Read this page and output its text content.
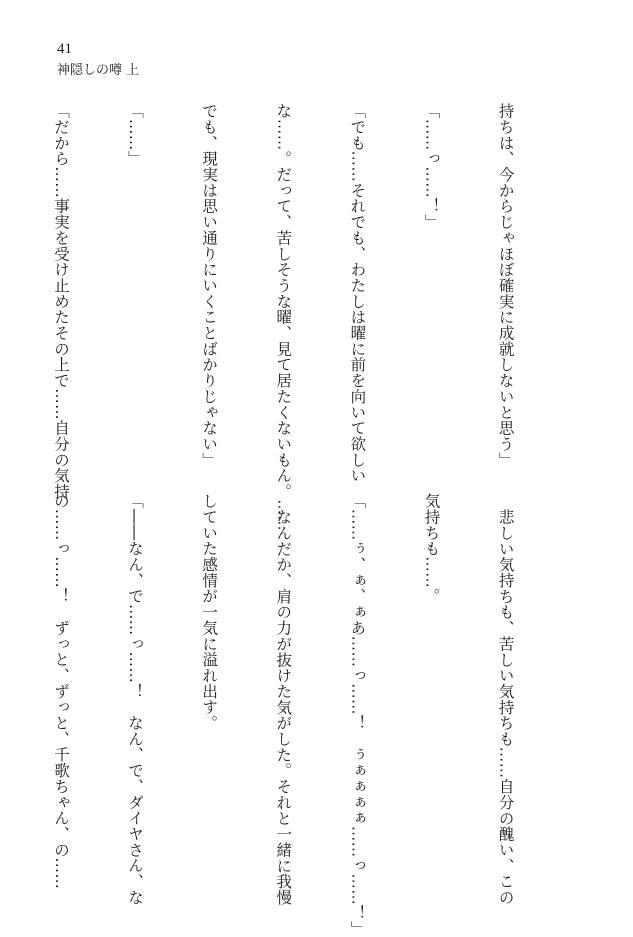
41
神隠しの噂 上

持ちは、今からじゃほぼ確実に成就しないと思う」

「……っ……！」

「でも……それでも、わたしは曜に前を向いて欲しい

な……。だって、苦しそうな曜、見て居たくないもん。……

でも、現実は思い通りにいくことばかりじゃない」

「……」

「だから……事実を受け止めたその上で……自分の気持

悲しい気持ちも、苦しい気持ちも……自分の醜い、この

気持ちも……。

「……ぅ、ぁ、ぁあ……っ……！　ぅぁぁぁぁ……っ……！」

なんだか、肩の力が抜けた気がした。それと一緒に我慢

していた感情が一気に溢れ出す。

「――なん、で……っ……！　なん、で、ダイヤさん、な

の……っ……！　ずっと、ずっと、千歌ちゃん、の……
